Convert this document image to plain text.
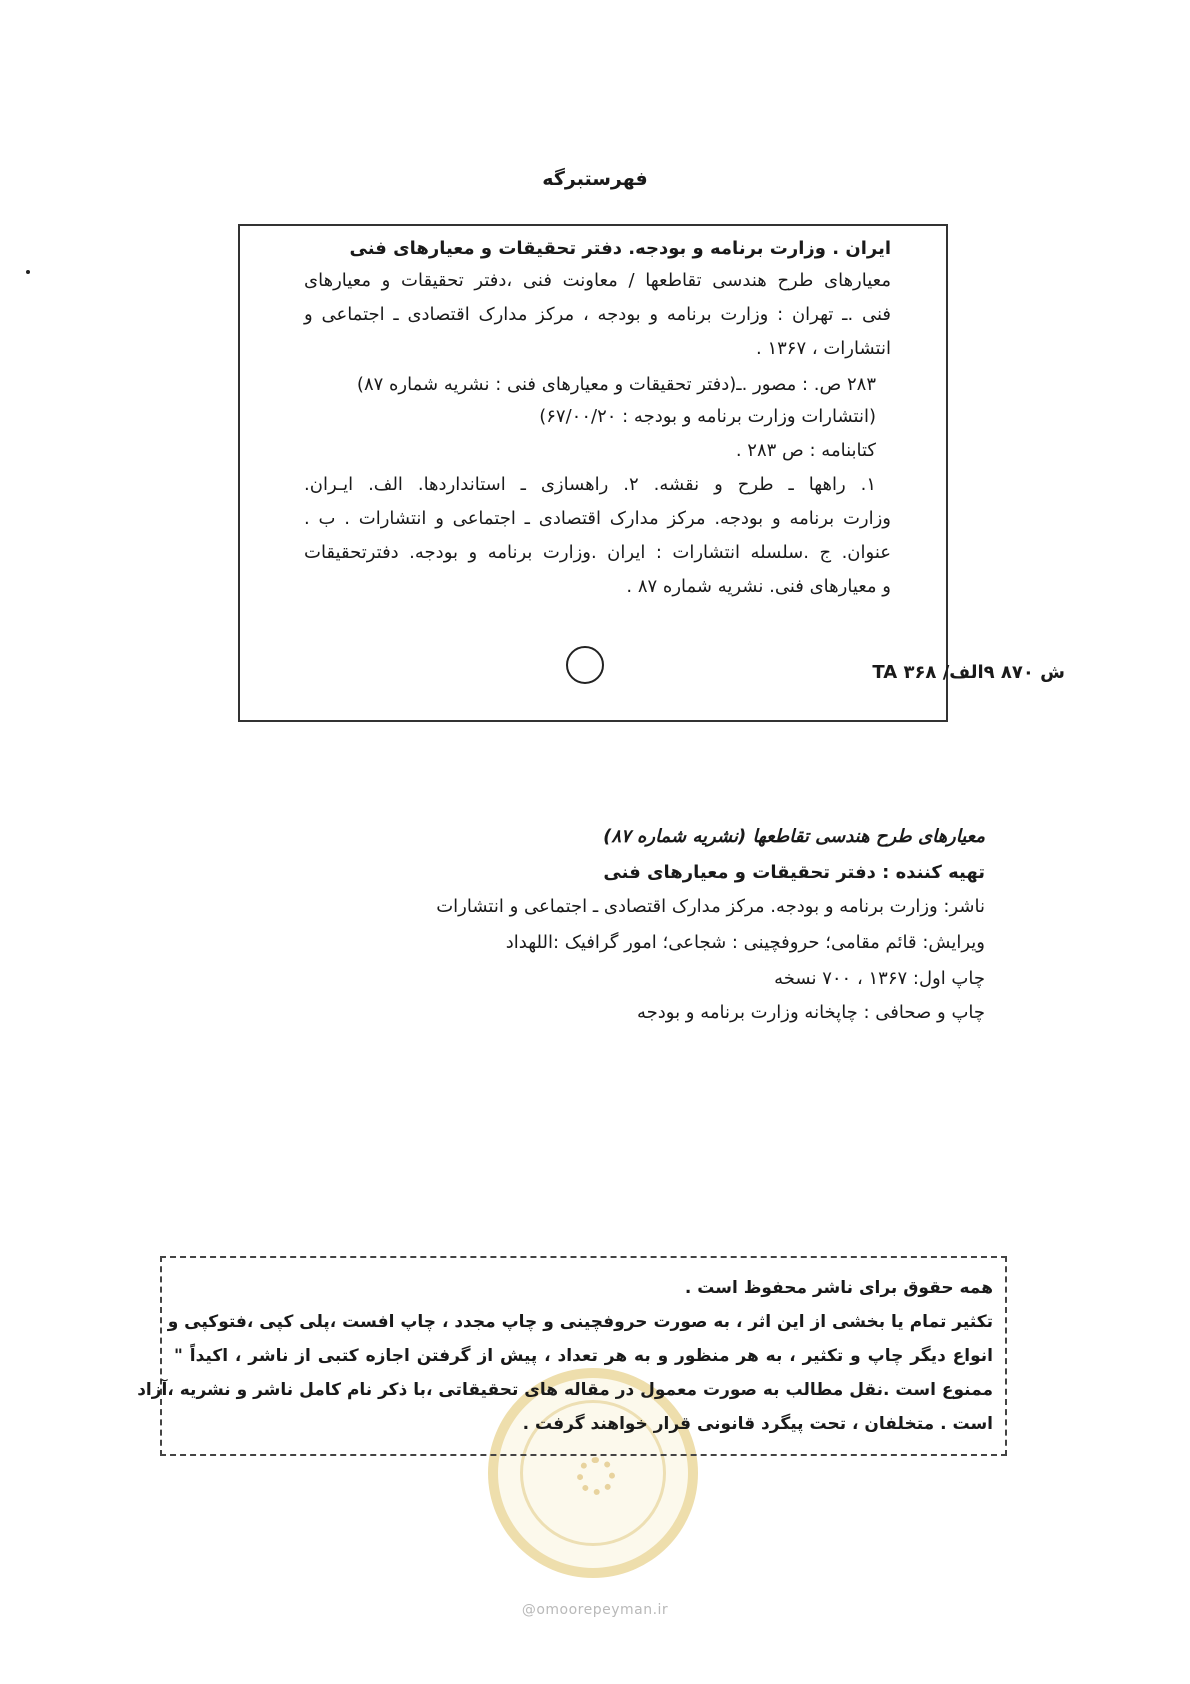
فهرستبرگه
ایران . وزارت برنامه و بودجه. دفتر تحقیقات و معیارهای فنی
معیارهای طرح هندسی تقاطعها / معاونت فنی ،دفتر تحقیقات و معیارهای
فنی .ـ تهران : وزارت برنامه و بودجه ، مرکز مدارک اقتصادی ـ اجتماعی و
انتشارات ، ۱۳۶۷ .
۲۸۳ ص. : مصور .ـ(دفتر تحقیقات و معیارهای فنی : نشریه شماره ۸۷)
(انتشارات وزارت برنامه و بودجه : ۶۷/۰۰/۲۰)
کتابنامه : ص ۲۸۳ .
۱. راهها ـ طرح و نقشه. ۲. راهسازی ـ استانداردها. الف. ایـران.
وزارت برنامه و بودجه. مرکز مدارک اقتصادی ـ اجتماعی و انتشارات . ب .
عنوان. ج .سلسله انتشارات : ایران .وزارت برنامه و بودجه. دفترتحقیقات
و معیارهای فنی. نشریه شماره ۸۷ .
ش ۸۷۰ ۹الف/ ۳۶۸ TA
معیارهای طرح هندسی تقاطعها (نشریه شماره ۸۷)
تهیه کننده : دفتر تحقیقات و معیارهای فنی
ناشر: وزارت برنامه و بودجه. مرکز مدارک اقتصادی ـ اجتماعی و انتشارات
ویرایش: قائم مقامی؛ حروفچینی : شجاعی؛ امور گرافیک :اللهداد
چاپ اول: ۱۳۶۷ ، ۷۰۰ نسخه
چاپ و صحافی : چاپخانه وزارت برنامه و بودجه
همه حقوق برای ناشر محفوظ است .
تکثیر تمام یا بخشی از این اثر ، به صورت حروفچینی و چاپ مجدد ، چاپ افست ،پلی کپی ،فتوکپی و
انواع دیگر چاپ و تکثیر ، به هر منظور و به هر تعداد ، پیش از گرفتن اجازه کتبی از ناشر ، اکیداً "
ممنوع است .نقل مطالب به صورت معمول در مقاله های تحقیقاتی ،با ذکر نام کامل ناشر و نشریه ،آزاد
است . متخلفان ، تحت پیگرد قانونی قرار خواهند گرفت .
@omoorepeyman.ir
